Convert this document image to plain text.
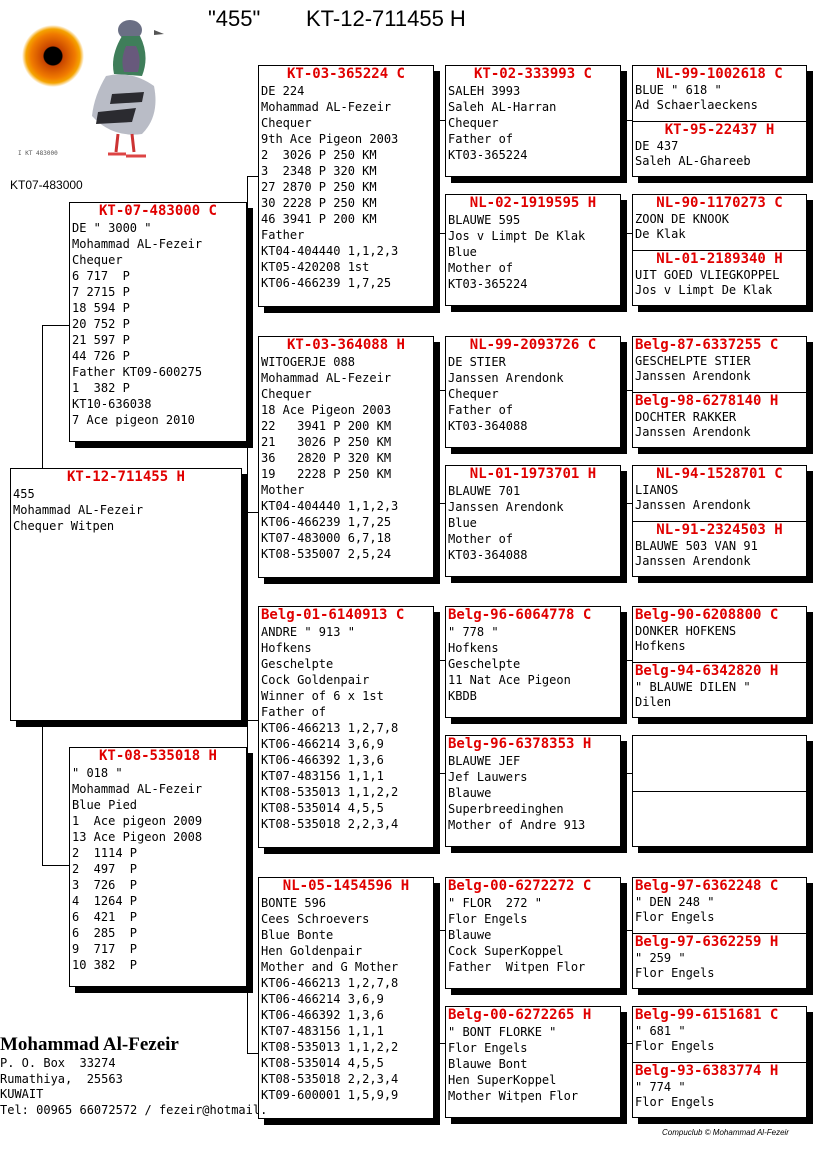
"455" KT-12-711455 H
I KT 483000
KT07-483000
KT-12-711455 H
455
Mohammad AL-Fezeir
Chequer Witpen
KT-07-483000 C
DE " 3000 "
Mohammad AL-Fezeir
Chequer
6 717  P
7 2715 P
18 594 P
20 752 P
21 597 P
44 726 P
Father KT09-600275
1  382 P
KT10-636038
7 Ace pigeon 2010
KT-08-535018 H
" 018 "
Mohammad AL-Fezeir
Blue Pied
1  Ace pigeon 2009
13 Ace Pigeon 2008
2  1114 P
2  497  P
3  726  P
4  1264 P
6  421  P
6  285  P
9  717  P
10 382  P
KT-03-365224 C
DE 224
Mohammad AL-Fezeir
Chequer
9th Ace Pigeon 2003
2  3026 P 250 KM
3  2348 P 320 KM
27 2870 P 250 KM
30 2228 P 250 KM
46 3941 P 200 KM
Father
KT04-404440 1,1,2,3
KT05-420208 1st
KT06-466239 1,7,25
KT-03-364088 H
WITOGERJE 088
Mohammad AL-Fezeir
Chequer
18 Ace Pigeon 2003
22   3941 P 200 KM
21   3026 P 250 KM
36   2820 P 320 KM
19   2228 P 250 KM
Mother
KT04-404440 1,1,2,3
KT06-466239 1,7,25
KT07-483000 6,7,18
KT08-535007 2,5,24
Belg-01-6140913 C
ANDRE " 913 "
Hofkens
Geschelpte
Cock Goldenpair
Winner of 6 x 1st
Father of
KT06-466213 1,2,7,8
KT06-466214 3,6,9
KT06-466392 1,3,6
KT07-483156 1,1,1
KT08-535013 1,1,2,2
KT08-535014 4,5,5
KT08-535018 2,2,3,4
NL-05-1454596 H
BONTE 596
Cees Schroevers
Blue Bonte
Hen Goldenpair
Mother and G Mother
KT06-466213 1,2,7,8
KT06-466214 3,6,9
KT06-466392 1,3,6
KT07-483156 1,1,1
KT08-535013 1,1,2,2
KT08-535014 4,5,5
KT08-535018 2,2,3,4
KT09-600001 1,5,9,9
KT-02-333993 C
SALEH 3993
Saleh AL-Harran
Chequer
Father of
KT03-365224
NL-02-1919595 H
BLAUWE 595
Jos v Limpt De Klak
Blue
Mother of
KT03-365224
NL-99-2093726 C
DE STIER
Janssen Arendonk
Chequer
Father of
KT03-364088
NL-01-1973701 H
BLAUWE 701
Janssen Arendonk
Blue
Mother of
KT03-364088
Belg-96-6064778 C
" 778 "
Hofkens
Geschelpte
11 Nat Ace Pigeon
KBDB
Belg-96-6378353 H
BLAUWE JEF
Jef Lauwers
Blauwe
Superbreedinghen
Mother of Andre 913
Belg-00-6272272 C
" FLOR  272 "
Flor Engels
Blauwe
Cock SuperKoppel
Father  Witpen Flor
Belg-00-6272265 H
" BONT FLORKE "
Flor Engels
Blauwe Bont
Hen SuperKoppel
Mother Witpen Flor
NL-99-1002618 C
BLUE " 618 "
Ad Schaerlaeckens
KT-95-22437 H
DE 437
Saleh AL-Ghareeb
NL-90-1170273 C
ZOON DE KNOOK
De Klak
NL-01-2189340 H
UIT GOED VLIEGKOPPEL
Jos v Limpt De Klak
Belg-87-6337255 C
GESCHELPTE STIER
Janssen Arendonk
Belg-98-6278140 H
DOCHTER RAKKER
Janssen Arendonk
NL-94-1528701 C
LIANOS
Janssen Arendonk
NL-91-2324503 H
BLAUWE 503 VAN 91
Janssen Arendonk
Belg-90-6208800 C
DONKER HOFKENS
Hofkens
Belg-94-6342820 H
" BLAUWE DILEN "
Dilen
Belg-97-6362248 C
" DEN 248 "
Flor Engels
Belg-97-6362259 H
" 259 "
Flor Engels
Belg-99-6151681 C
" 681 "
Flor Engels
Belg-93-6383774 H
" 774 "
Flor Engels
Mohammad Al-Fezeir
P. O. Box  33274
Rumathiya,  25563
KUWAIT
Tel: 00965 66072572 / fezeir@hotmail.
Compuclub © Mohammad Al-Fezeir
